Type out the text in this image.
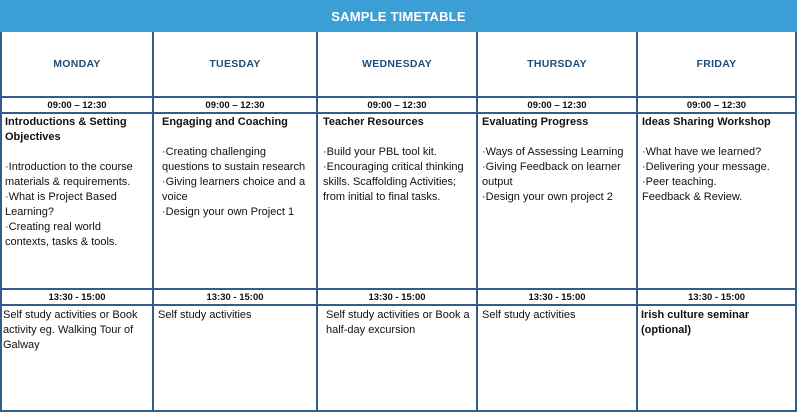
SAMPLE TIMETABLE
MONDAY
09:00 – 12:30
Introductions & Setting Objectives
·Introduction to the course materials & requirements.
·What is Project Based Learning?
·Creating real world contexts, tasks & tools.
13:30 - 15:00
Self study activities or Book activity eg. Walking Tour of Galway
TUESDAY
09:00 – 12:30
Engaging and Coaching
·Creating challenging questions to sustain research
·Giving learners choice and a voice
·Design your own Project 1
13:30 - 15:00
Self study activities
WEDNESDAY
09:00 – 12:30
Teacher Resources
·Build your PBL tool kit.
·Encouraging critical thinking skills. Scaffolding Activities; from initial to final tasks.
13:30 - 15:00
Self study activities or Book a half-day excursion
THURSDAY
09:00 – 12:30
Evaluating Progress
·Ways of Assessing Learning
·Giving Feedback on learner output
·Design your own project 2
13:30 - 15:00
Self study activities
FRIDAY
09:00 – 12:30
Ideas Sharing Workshop
·What have we learned?
·Delivering your message.
·Peer teaching.
Feedback & Review.
13:30 - 15:00
Irish culture seminar (optional)
